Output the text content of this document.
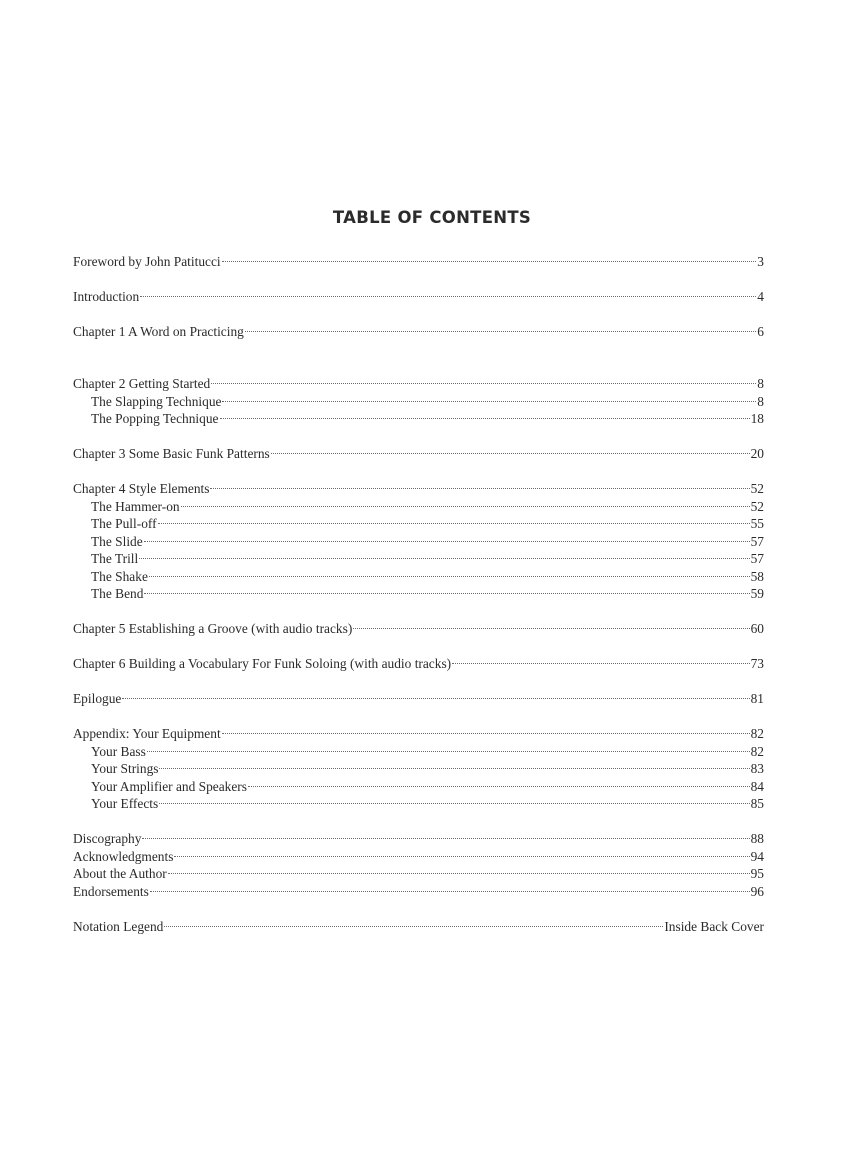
TABLE OF CONTENTS
Foreword by John Patitucci	3
Introduction	4
Chapter 1 A Word on Practicing	6
Chapter 2 Getting Started	8
The Slapping Technique	8
The Popping Technique	18
Chapter 3 Some Basic Funk Patterns	20
Chapter 4 Style Elements	52
The Hammer-on	52
The Pull-off	55
The Slide	57
The Trill	57
The Shake	58
The Bend	59
Chapter 5 Establishing a Groove (with audio tracks)	60
Chapter 6 Building a Vocabulary For Funk Soloing (with audio tracks)	73
Epilogue	81
Appendix: Your Equipment	82
Your Bass	82
Your Strings	83
Your Amplifier and Speakers	84
Your Effects	85
Discography	88
Acknowledgments	94
About the Author	95
Endorsements	96
Notation Legend	Inside Back Cover
